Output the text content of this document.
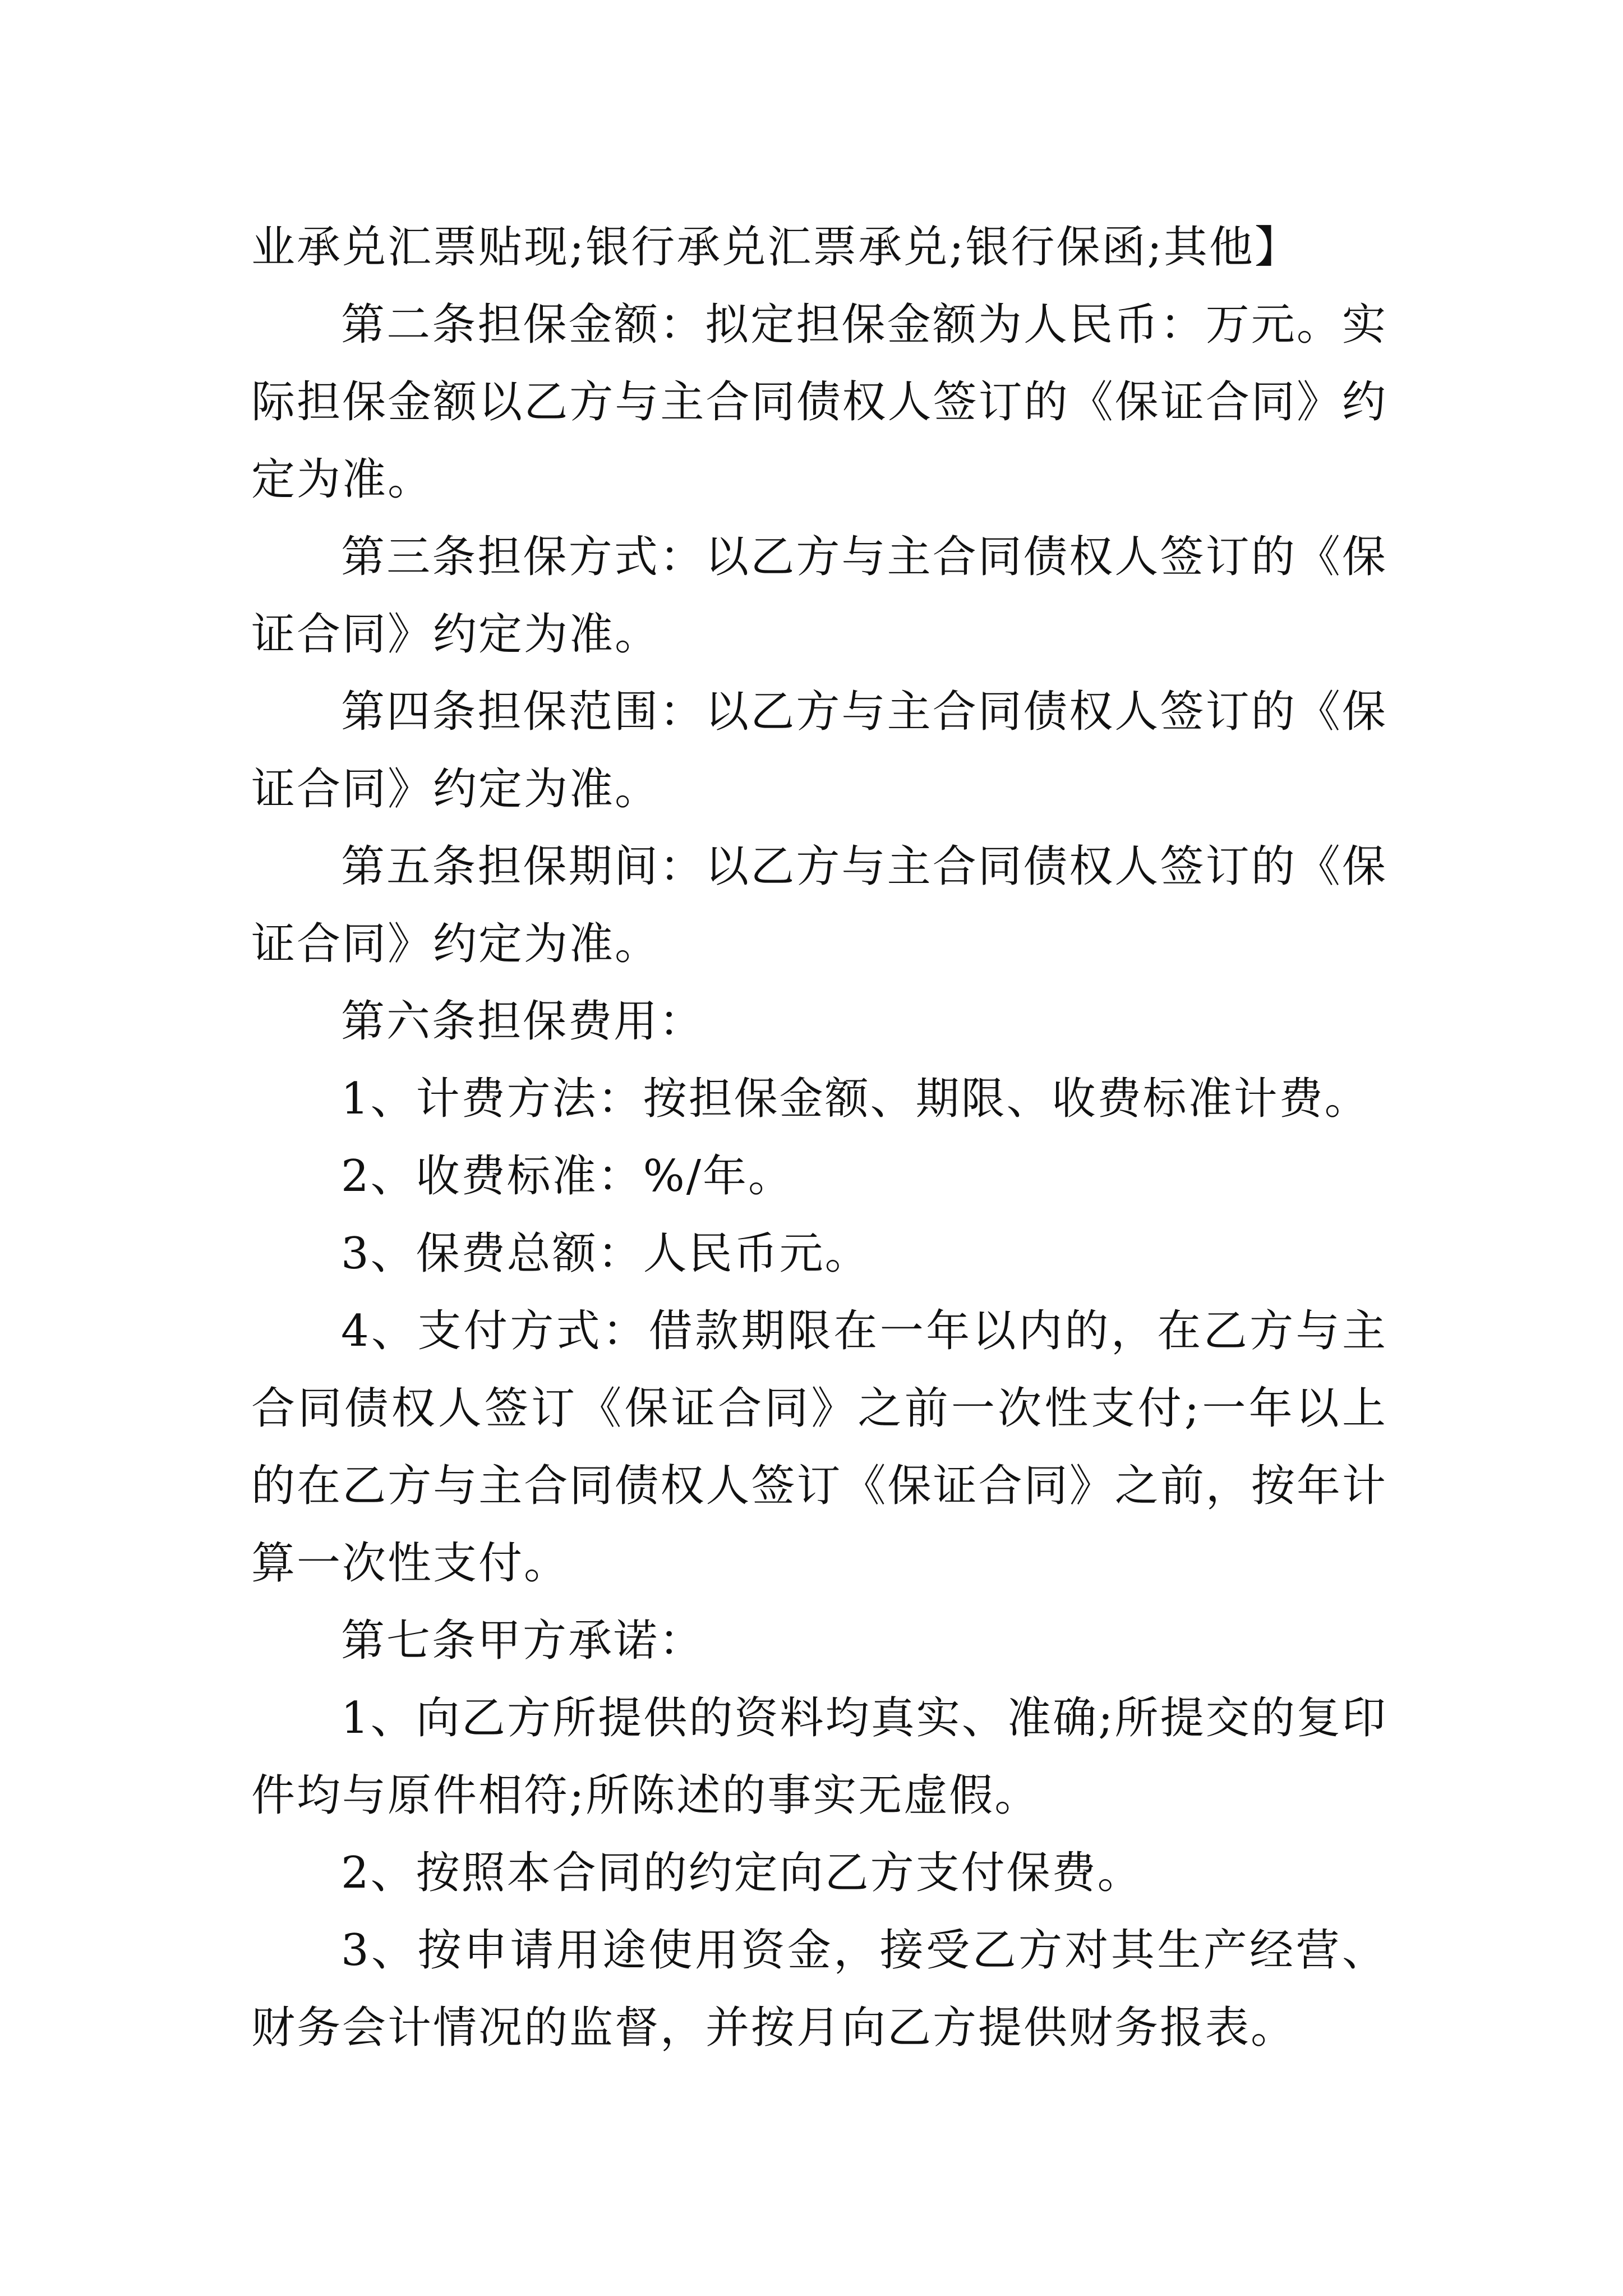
业承兑汇票贴现;银行承兑汇票承兑;银行保函;其他】

第二条担保金额：拟定担保金额为人民币：万元。实际担保金额以乙方与主合同债权人签订的《保证合同》约定为准。

第三条担保方式：以乙方与主合同债权人签订的《保证合同》约定为准。

第四条担保范围：以乙方与主合同债权人签订的《保证合同》约定为准。

第五条担保期间：以乙方与主合同债权人签订的《保证合同》约定为准。

第六条担保费用：

1、计费方法：按担保金额、期限、收费标准计费。

2、收费标准：%/年。

3、保费总额：人民币元。

4、支付方式：借款期限在一年以内的，在乙方与主合同债权人签订《保证合同》之前一次性支付;一年以上的在乙方与主合同债权人签订《保证合同》之前，按年计算一次性支付。

第七条甲方承诺：

1、向乙方所提供的资料均真实、准确;所提交的复印件均与原件相符;所陈述的事实无虚假。

2、按照本合同的约定向乙方支付保费。

3、按申请用途使用资金，接受乙方对其生产经营、财务会计情况的监督，并按月向乙方提供财务报表。
